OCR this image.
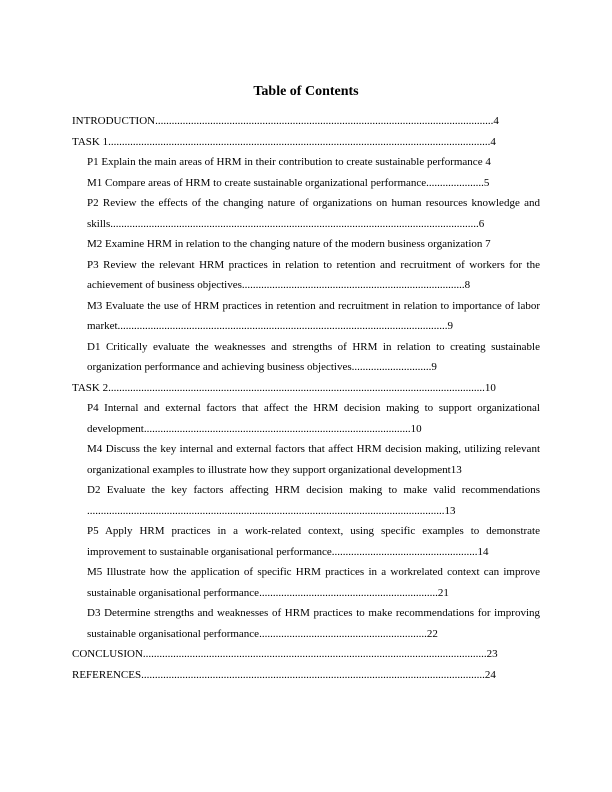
Table of Contents

INTRODUCTION...........................................................................................................................4

TASK 1...........................................................................................................................................4

P1 Explain the main areas of HRM in their contribution to create sustainable performance 4

M1 Compare areas of HRM to create sustainable organizational performance.....................5

P2 Review the effects of the changing nature of organizations on human resources knowledge and skills......................................................................................................................................6

M2 Examine HRM in relation to the changing nature of the modern business organization 7

P3 Review the relevant HRM practices in relation to retention and recruitment of workers for the achievement of business objectives.................................................................................8

M3 Evaluate the use of HRM practices in retention and recruitment in relation to importance of labor market........................................................................................................................9

D1 Critically evaluate the weaknesses and strengths of HRM in relation to creating sustainable organization performance and achieving business objectives.............................9

TASK 2.........................................................................................................................................10

P4 Internal and external factors that affect the HRM decision making to support organizational development.................................................................................................10

M4 Discuss the key internal and external factors that affect HRM decision making, utilizing relevant organizational examples to illustrate how they support organizational development13

D2 Evaluate the key factors affecting HRM decision making to make valid recommendations ..................................................................................................................................13

P5 Apply HRM practices in a work-related context, using specific examples to demonstrate improvement to sustainable organisational performance.....................................................14

M5 Illustrate how the application of specific HRM practices in a workrelated context can improve sustainable organisational performance.................................................................21

D3 Determine strengths and weaknesses of HRM practices to make recommendations for improving sustainable organisational performance.............................................................22

CONCLUSION.............................................................................................................................23

REFERENCES.............................................................................................................................24
